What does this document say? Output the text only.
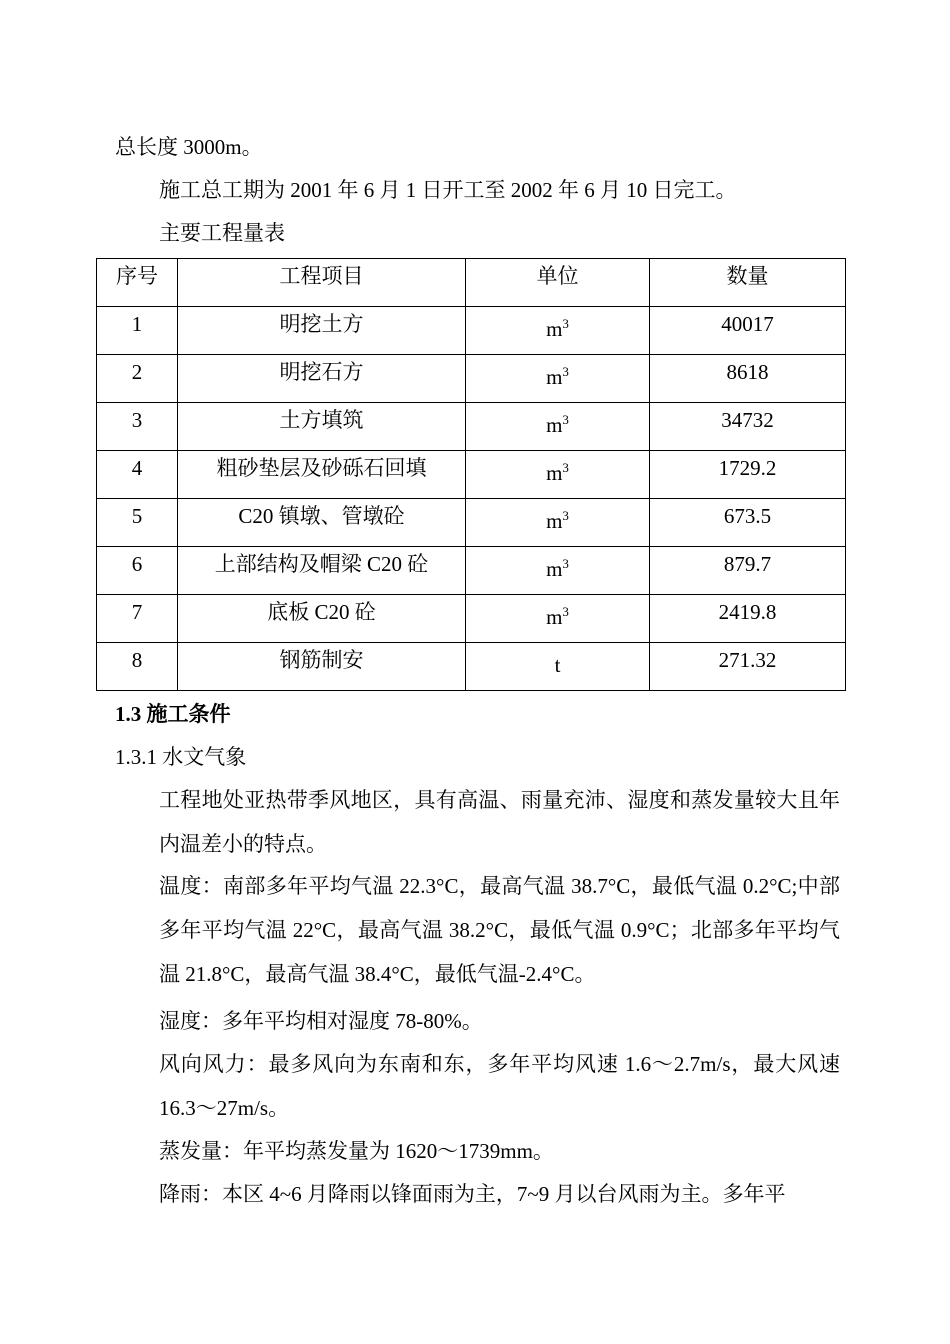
总长度 3000m。

施工总工期为 2001 年 6 月 1 日开工至 2002 年 6 月 10 日完工。

主要工程量表

序号	工程项目	单位	数量
1	明挖土方	$m^3$	40017
2	明挖石方	$m^3$	8618
3	土方填筑	$m^3$	34732
4	粗砂垫层及砂砾石回填	$m^3$	1729.2
5	C20 镇墩、管墩砼	$m^3$	673.5
6	上部结构及帽梁 C20 砼	$m^3$	879.7
7	底板 C20 砼	$m^3$	2419.8
8	钢筋制安	t	271.32

1.3 施工条件

1.3.1 水文气象

工程地处亚热带季风地区，具有高温、雨量充沛、湿度和蒸发量较大且年内温差小的特点。

温度：南部多年平均气温 22.3°C，最高气温 38.7°C，最低气温 0.2°C;中部多年平均气温 22°C，最高气温 38.2°C，最低气温 0.9°C；北部多年平均气温 21.8°C，最高气温 38.4°C，最低气温-2.4°C。

湿度：多年平均相对湿度 78-80%。

风向风力：最多风向为东南和东，多年平均风速 1.6～2.7m/s，最大风速 16.3～27m/s。

蒸发量：年平均蒸发量为 1620～1739mm。

降雨：本区 4~6 月降雨以锋面雨为主，7~9 月以台风雨为主。多年平
